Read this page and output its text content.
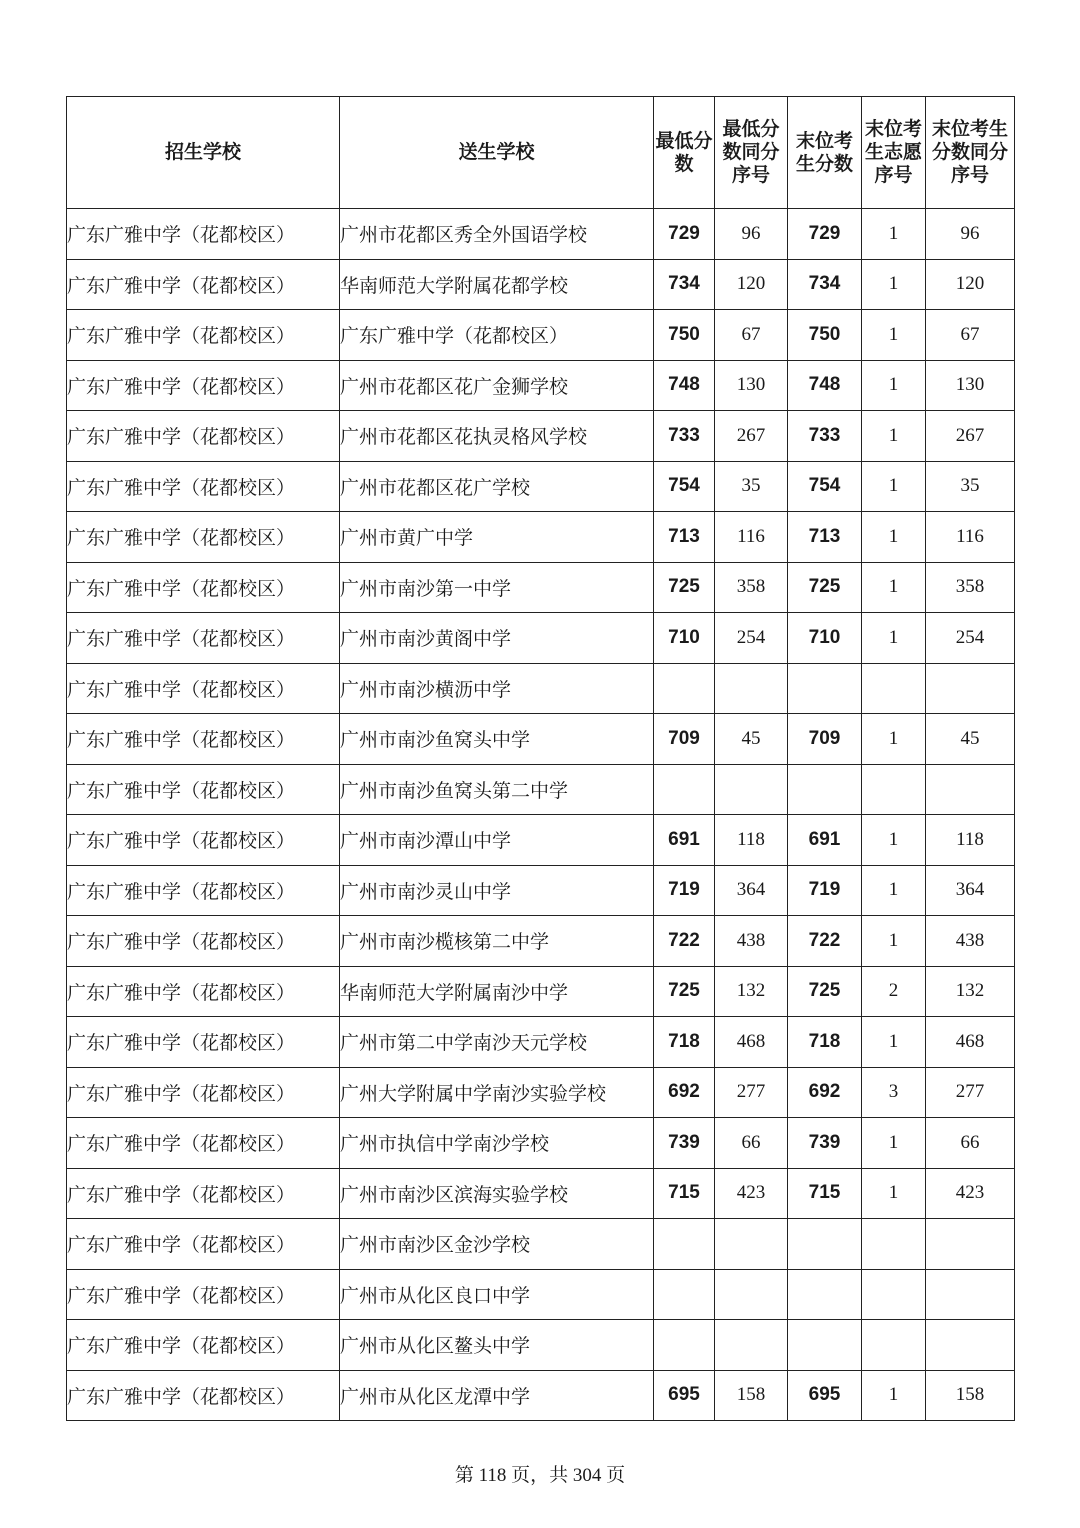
招生学校	送生学校	最低分数	最低分数同分序号	末位考生分数	末位考生志愿序号	末位考生分数同分序号
广东广雅中学（花都校区）	广州市花都区秀全外国语学校	729	96	729	1	96
广东广雅中学（花都校区）	华南师范大学附属花都学校	734	120	734	1	120
广东广雅中学（花都校区）	广东广雅中学（花都校区）	750	67	750	1	67
广东广雅中学（花都校区）	广州市花都区花广金狮学校	748	130	748	1	130
广东广雅中学（花都校区）	广州市花都区花执灵格风学校	733	267	733	1	267
广东广雅中学（花都校区）	广州市花都区花广学校	754	35	754	1	35
广东广雅中学（花都校区）	广州市黄广中学	713	116	713	1	116
广东广雅中学（花都校区）	广州市南沙第一中学	725	358	725	1	358
广东广雅中学（花都校区）	广州市南沙黄阁中学	710	254	710	1	254
广东广雅中学（花都校区）	广州市南沙横沥中学					
广东广雅中学（花都校区）	广州市南沙鱼窝头中学	709	45	709	1	45
广东广雅中学（花都校区）	广州市南沙鱼窝头第二中学					
广东广雅中学（花都校区）	广州市南沙潭山中学	691	118	691	1	118
广东广雅中学（花都校区）	广州市南沙灵山中学	719	364	719	1	364
广东广雅中学（花都校区）	广州市南沙榄核第二中学	722	438	722	1	438
广东广雅中学（花都校区）	华南师范大学附属南沙中学	725	132	725	2	132
广东广雅中学（花都校区）	广州市第二中学南沙天元学校	718	468	718	1	468
广东广雅中学（花都校区）	广州大学附属中学南沙实验学校	692	277	692	3	277
广东广雅中学（花都校区）	广州市执信中学南沙学校	739	66	739	1	66
广东广雅中学（花都校区）	广州市南沙区滨海实验学校	715	423	715	1	423
广东广雅中学（花都校区）	广州市南沙区金沙学校					
广东广雅中学（花都校区）	广州市从化区良口中学					
广东广雅中学（花都校区）	广州市从化区鳌头中学					
广东广雅中学（花都校区）	广州市从化区龙潭中学	695	158	695	1	158
第 118 页，共 304 页
